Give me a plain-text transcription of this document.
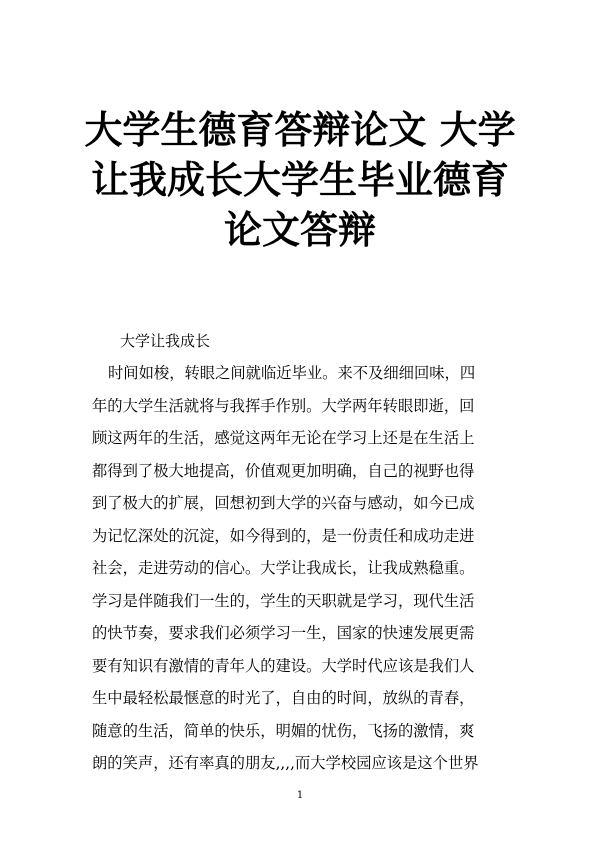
大学生德育答辩论文 大学
让我成长大学生毕业德育
论文答辩

大学让我成长

时间如梭，转眼之间就临近毕业。来不及细细回味，四

年的大学生活就将与我挥手作别。大学两年转眼即逝，回

顾这两年的生活，感觉这两年无论在学习上还是在生活上

都得到了极大地提高，价值观更加明确，自己的视野也得

到了极大的扩展，回想初到大学的兴奋与感动，如今已成

为记忆深处的沉淀，如今得到的，是一份责任和成功走进

社会，走进劳动的信心。大学让我成长，让我成熟稳重。

学习是伴随我们一生的，学生的天职就是学习，现代生活

的快节奏，要求我们必须学习一生，国家的快速发展更需

要有知识有激情的青年人的建设。大学时代应该是我们人

生中最轻松最惬意的时光了，自由的时间，放纵的青春，

随意的生活，简单的快乐，明媚的忧伤，飞扬的激情，爽

朗的笑声，还有率真的朋友,,,,而大学校园应该是这个世界

1
